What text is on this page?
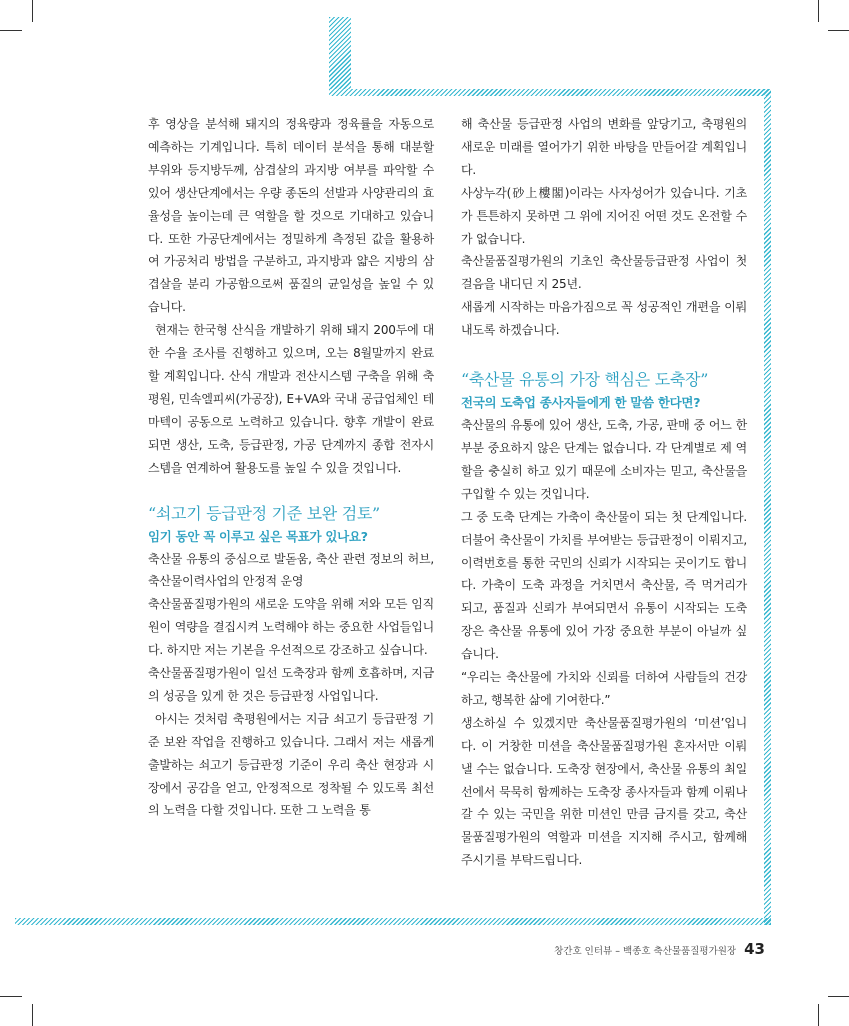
후 영상을 분석해 돼지의 정육량과 정육률을 자동으로 예측하는 기계입니다. 특히 데이터 분석을 통해 대분할 부위와 등지방두께, 삼겹살의 과지방 여부를 파악할 수 있어 생산단계에서는 우량 종돈의 선발과 사양관리의 효율성을 높이는데 큰 역할을 할 것으로 기대하고 있습니다. 또한 가공단계에서는 정밀하게 측정된 값을 활용하여 가공처리 방법을 구분하고, 과지방과 얇은 지방의 삼겹살을 분리 가공함으로써 품질의 균일성을 높일 수 있습니다.

현재는 한국형 산식을 개발하기 위해 돼지 200두에 대한 수율 조사를 진행하고 있으며, 오는 8월말까지 완료할 계획입니다. 산식 개발과 전산시스템 구축을 위해 축평원, 민속엘피씨(가공장), E+VA와 국내 공급업체인 테마텍이 공동으로 노력하고 있습니다. 향후 개발이 완료되면 생산, 도축, 등급판정, 가공 단계까지 종합 전자시스템을 연계하여 활용도를 높일 수 있을 것입니다.

“쇠고기 등급판정 기준 보완 검토”
임기 동안 꼭 이루고 싶은 목표가 있나요?

축산물 유통의 중심으로 발돋움, 축산 관련 정보의 허브, 축산물이력사업의 안정적 운영

축산물품질평가원의 새로운 도약을 위해 저와 모든 임직원이 역량을 결집시켜 노력해야 하는 중요한 사업들입니다. 하지만 저는 기본을 우선적으로 강조하고 싶습니다.

축산물품질평가원이 일선 도축장과 함께 호흡하며, 지금의 성공을 있게 한 것은 등급판정 사업입니다.

아시는 것처럼 축평원에서는 지금 쇠고기 등급판정 기준 보완 작업을 진행하고 있습니다. 그래서 저는 새롭게 출발하는 쇠고기 등급판정 기준이 우리 축산 현장과 시장에서 공감을 얻고, 안정적으로 정착될 수 있도록 최선의 노력을 다할 것입니다. 또한 그 노력을 통

해 축산물 등급판정 사업의 변화를 앞당기고, 축평원의 새로운 미래를 열어가기 위한 바탕을 만들어갈 계획입니다.

사상누각(砂上樓閣)이라는 사자성어가 있습니다. 기초가 튼튼하지 못하면 그 위에 지어진 어떤 것도 온전할 수가 없습니다.

축산물품질평가원의 기초인 축산물등급판정 사업이 첫 걸음을 내디딘 지 25년.

새롭게 시작하는 마음가짐으로 꼭 성공적인 개편을 이뤄내도록 하겠습니다.

“축산물 유통의 가장 핵심은 도축장”
전국의 도축업 종사자들에게 한 말씀 한다면?

축산물의 유통에 있어 생산, 도축, 가공, 판매 중 어느 한 부분 중요하지 않은 단계는 없습니다. 각 단계별로 제 역할을 충실히 하고 있기 때문에 소비자는 믿고, 축산물을 구입할 수 있는 것입니다.

그 중 도축 단계는 가축이 축산물이 되는 첫 단계입니다. 더불어 축산물이 가치를 부여받는 등급판정이 이뤄지고, 이력번호를 통한 국민의 신뢰가 시작되는 곳이기도 합니다. 가축이 도축 과정을 거치면서 축산물, 즉 먹거리가 되고, 품질과 신뢰가 부여되면서 유통이 시작되는 도축장은 축산물 유통에 있어 가장 중요한 부분이 아닐까 싶습니다.

“우리는 축산물에 가치와 신뢰를 더하여 사람들의 건강하고, 행복한 삶에 기여한다.”

생소하실 수 있겠지만 축산물품질평가원의 ‘미션’입니다. 이 거창한 미션을 축산물품질평가원 혼자서만 이뤄낼 수는 없습니다. 도축장 현장에서, 축산물 유통의 최일선에서 묵묵히 함께하는 도축장 종사자들과 함께 이뤄나갈 수 있는 국민을 위한 미션인 만큼 금지를 갖고, 축산물품질평가원의 역할과 미션을 지지해 주시고, 함께해 주시기를 부탁드립니다.

창간호 인터뷰 – 백종호 축산물품질평가원장 43
